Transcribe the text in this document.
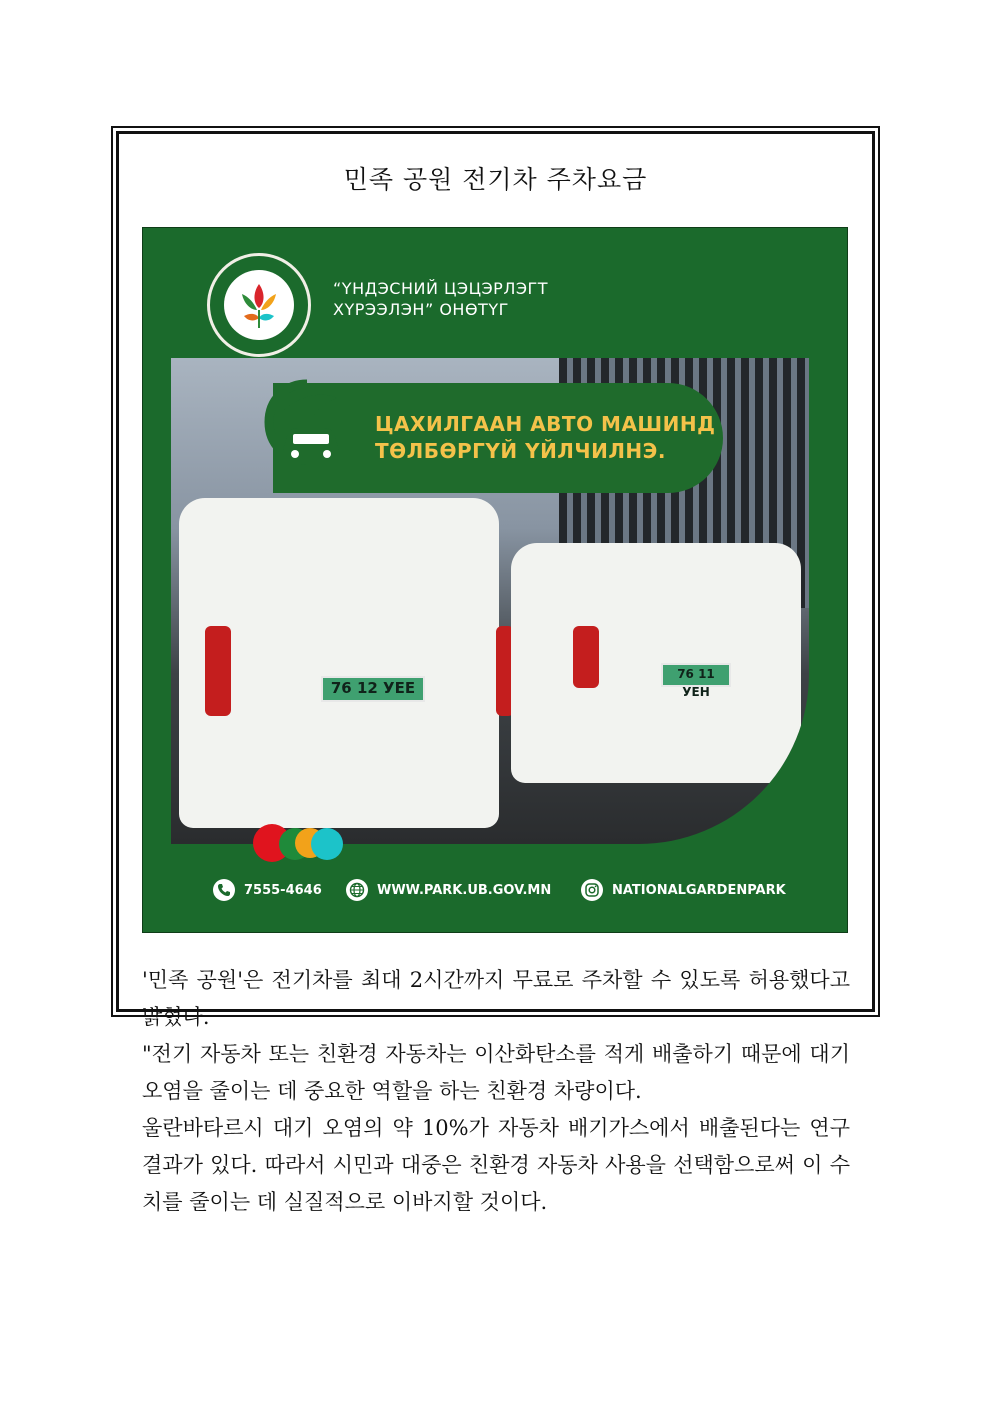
민족 공원 전기차 주차요금
“ҮНДЭСНИЙ ЦЭЦЭРЛЭГТ
ХҮРЭЭЛЭН” ОНӨТҮГ
76 12 УЕЕ
76 11 УЕН
ЦАХИЛГААН АВТО МАШИНД
ТӨЛБӨРГҮЙ ҮЙЛЧИЛНЭ.
7555-4646	WWW.PARK.UB.GOV.MN	NATIONALGARDENPARK

'민족 공원'은 전기차를 최대 2시간까지 무료로 주차할 수 있도록 허용했다고 밝혔다.

"전기 자동차 또는 친환경 자동차는 이산화탄소를 적게 배출하기 때문에 대기 오염을 줄이는 데 중요한 역할을 하는 친환경 차량이다.

울란바타르시 대기 오염의 약 10%가 자동차 배기가스에서 배출된다는 연구 결과가 있다. 따라서 시민과 대중은 친환경 자동차 사용을 선택함으로써 이 수치를 줄이는 데 실질적으로 이바지할 것이다.
